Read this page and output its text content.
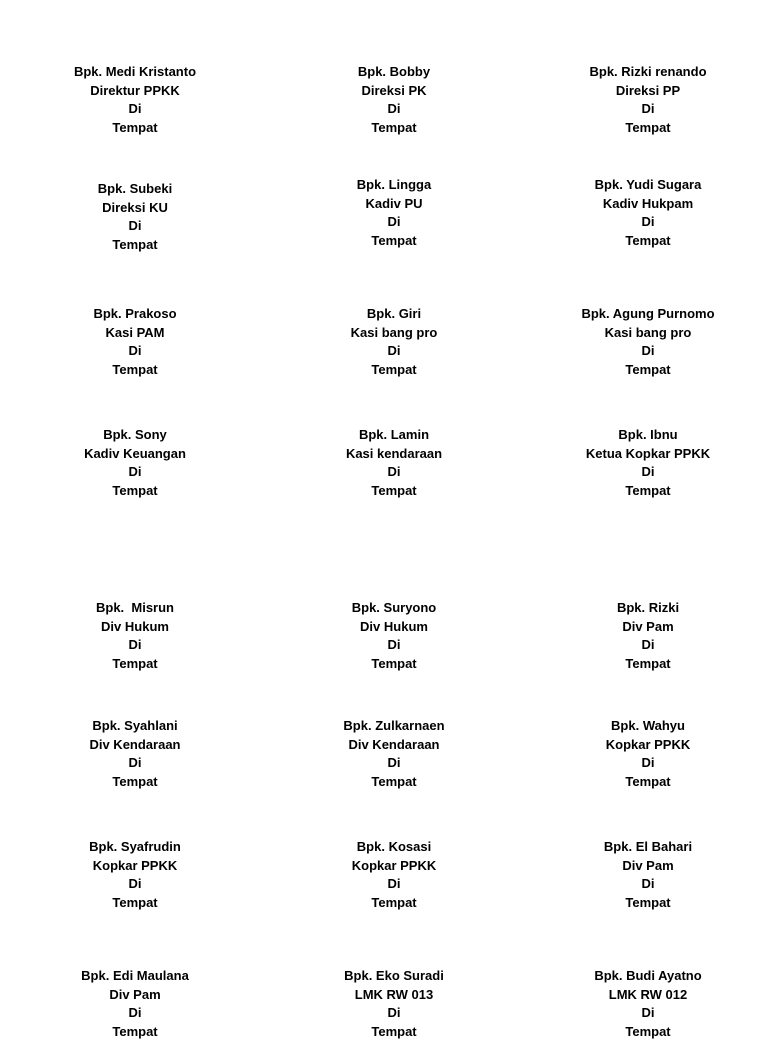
Bpk. Medi Kristanto
Direktur PPKK
Di
Tempat
Bpk. Bobby
Direksi PK
Di
Tempat
Bpk. Rizki renando
Direksi PP
Di
Tempat
Bpk. Subeki
Direksi KU
Di
Tempat
Bpk. Lingga
Kadiv PU
Di
Tempat
Bpk. Yudi Sugara
Kadiv Hukpam
Di
Tempat
Bpk. Prakoso
Kasi PAM
Di
Tempat
Bpk. Giri
Kasi bang pro
Di
Tempat
Bpk. Agung Purnomo
Kasi bang pro
Di
Tempat
Bpk. Sony
Kadiv Keuangan
Di
Tempat
Bpk. Lamin
Kasi kendaraan
Di
Tempat
Bpk. Ibnu
Ketua Kopkar PPKK
Di
Tempat
Bpk.  Misrun
Div Hukum
Di
Tempat
Bpk. Suryono
Div Hukum
Di
Tempat
Bpk. Rizki
Div Pam
Di
Tempat
Bpk. Syahlani
Div Kendaraan
Di
Tempat
Bpk. Zulkarnaen
Div Kendaraan
Di
Tempat
Bpk. Wahyu
Kopkar PPKK
Di
Tempat
Bpk. Syafrudin
Kopkar PPKK
Di
Tempat
Bpk. Kosasi
Kopkar PPKK
Di
Tempat
Bpk. El Bahari
Div Pam
Di
Tempat
Bpk. Edi Maulana
Div Pam
Di
Tempat
Bpk. Eko Suradi
LMK RW 013
Di
Tempat
Bpk. Budi Ayatno
LMK RW 012
Di
Tempat
